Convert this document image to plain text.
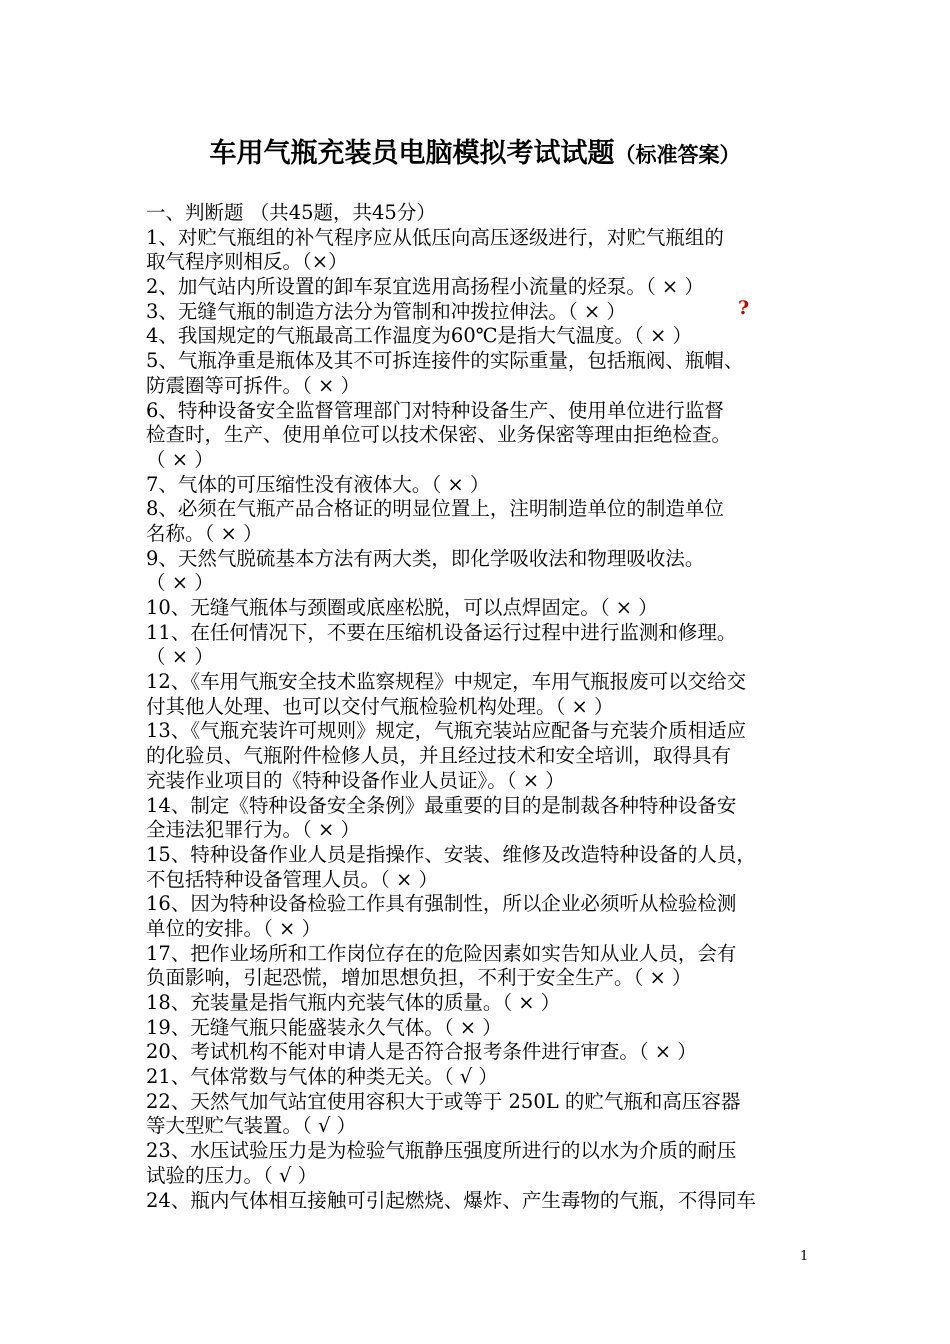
车用气瓶充装员电脑模拟考试试题（标准答案）
一、判断题 （共45题，共45分）
1、对贮气瓶组的补气程序应从低压向高压逐级进行，对贮气瓶组的
取气程序则相反。（×）
2、加气站内所设置的卸车泵宜选用高扬程小流量的烃泵。（ × ）
3、无缝气瓶的制造方法分为管制和冲拨拉伸法。（ × ）
4、我国规定的气瓶最高工作温度为60℃是指大气温度。（ × ）
5、气瓶净重是瓶体及其不可拆连接件的实际重量，包括瓶阀、瓶帽、
防震圈等可拆件。（ × ）
6、特种设备安全监督管理部门对特种设备生产、使用单位进行监督
检查时，生产、使用单位可以技术保密、业务保密等理由拒绝检查。
（ × ）
7、气体的可压缩性没有液体大。（ × ）
8、必须在气瓶产品合格证的明显位置上，注明制造单位的制造单位
名称。（ × ）
9、天然气脱硫基本方法有两大类，即化学吸收法和物理吸收法。
（ × ）
10、无缝气瓶体与颈圈或底座松脱，可以点焊固定。（ × ）
11、在任何情况下，不要在压缩机设备运行过程中进行监测和修理。
（ × ）
12、《车用气瓶安全技术监察规程》中规定，车用气瓶报废可以交给交
付其他人处理、也可以交付气瓶检验机构处理。（ × ）
13、《气瓶充装许可规则》规定，气瓶充装站应配备与充装介质相适应
的化验员、气瓶附件检修人员，并且经过技术和安全培训，取得具有
充装作业项目的《特种设备作业人员证》。（ × ）
14、制定《特种设备安全条例》最重要的目的是制裁各种特种设备安
全违法犯罪行为。（ × ）
15、特种设备作业人员是指操作、安装、维修及改造特种设备的人员，
不包括特种设备管理人员。（ × ）
16、因为特种设备检验工作具有强制性，所以企业必须听从检验检测
单位的安排。（ × ）
17、把作业场所和工作岗位存在的危险因素如实告知从业人员，会有
负面影响，引起恐慌，增加思想负担，不利于安全生产。（ × ）
18、充装量是指气瓶内充装气体的质量。（ × ）
19、无缝气瓶只能盛装永久气体。（ × ）
20、考试机构不能对申请人是否符合报考条件进行审查。（ × ）
21、气体常数与气体的种类无关。（ √ ）
22、天然气加气站宜使用容积大于或等于 250L 的贮气瓶和高压容器
等大型贮气装置。（ √ ）
23、水压试验压力是为检验气瓶静压强度所进行的以水为介质的耐压
试验的压力。（ √ ）
24、瓶内气体相互接触可引起燃烧、爆炸、产生毒物的气瓶，不得同车
?
1
